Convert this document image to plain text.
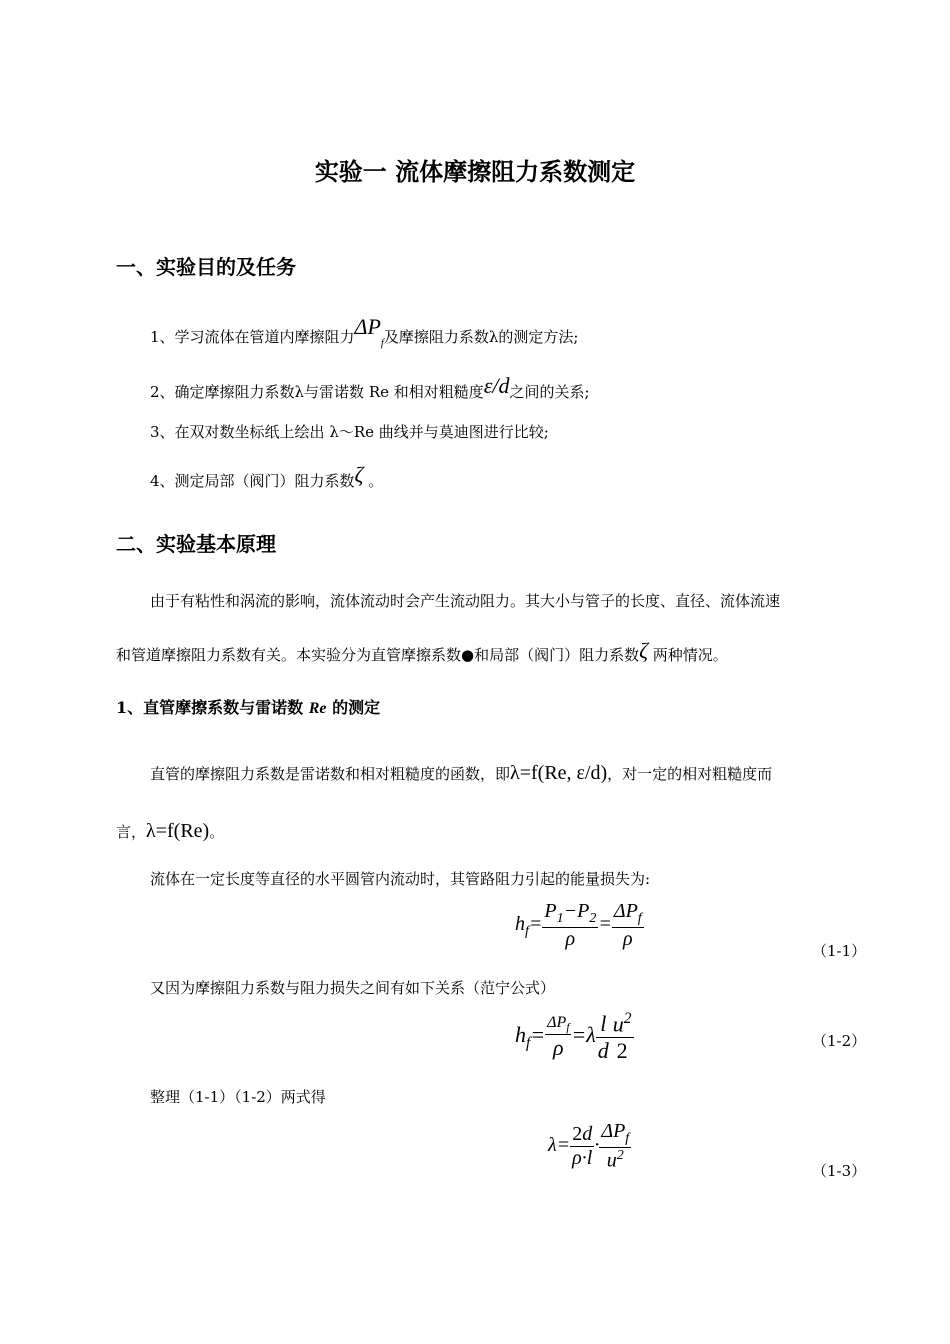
实验一 流体摩擦阻力系数测定
一、实验目的及任务
1、学习流体在管道内摩擦阻力$\Delta P_f$及摩擦阻力系数λ的测定方法;
2、确定摩擦阻力系数λ与雷诺数 Re 和相对粗糙度ε/d之间的关系;
3、在双对数坐标纸上绘出 λ～Re 曲线并与莫迪图进行比较;
4、测定局部（阀门）阻力系数ζ 。
二、实验基本原理
由于有粘性和涡流的影响，流体流动时会产生流动阻力。其大小与管子的长度、直径、流体流速
和管道摩擦阻力系数有关。本实验分为直管摩擦系数●和局部（阀门）阻力系数ζ 两种情况。
1、直管摩擦系数与雷诺数 Re 的测定
直管的摩擦阻力系数是雷诺数和相对粗糙度的函数，即λ=f(Re, ε/d)，对一定的相对粗糙度而
言，λ=f(Re)。
流体在一定长度等直径的水平圆管内流动时，其管路阻力引起的能量损失为:
$h_f= \frac{P_1-P_2}{\rho} = \frac{\Delta P_f}{\rho}$	（1-1）
又因为摩擦阻力系数与阻力损失之间有如下关系（范宁公式）
$h_f= \frac{\Delta P_f}{\rho} =\lambda \frac{l}{d} \frac{u^2}{2}$	（1-2）
整理（1-1）（1-2）两式得
$\lambda= \frac{2d}{\rho\cdot l} \cdot \frac{\Delta P_f}{u^2}$	（1-3）
